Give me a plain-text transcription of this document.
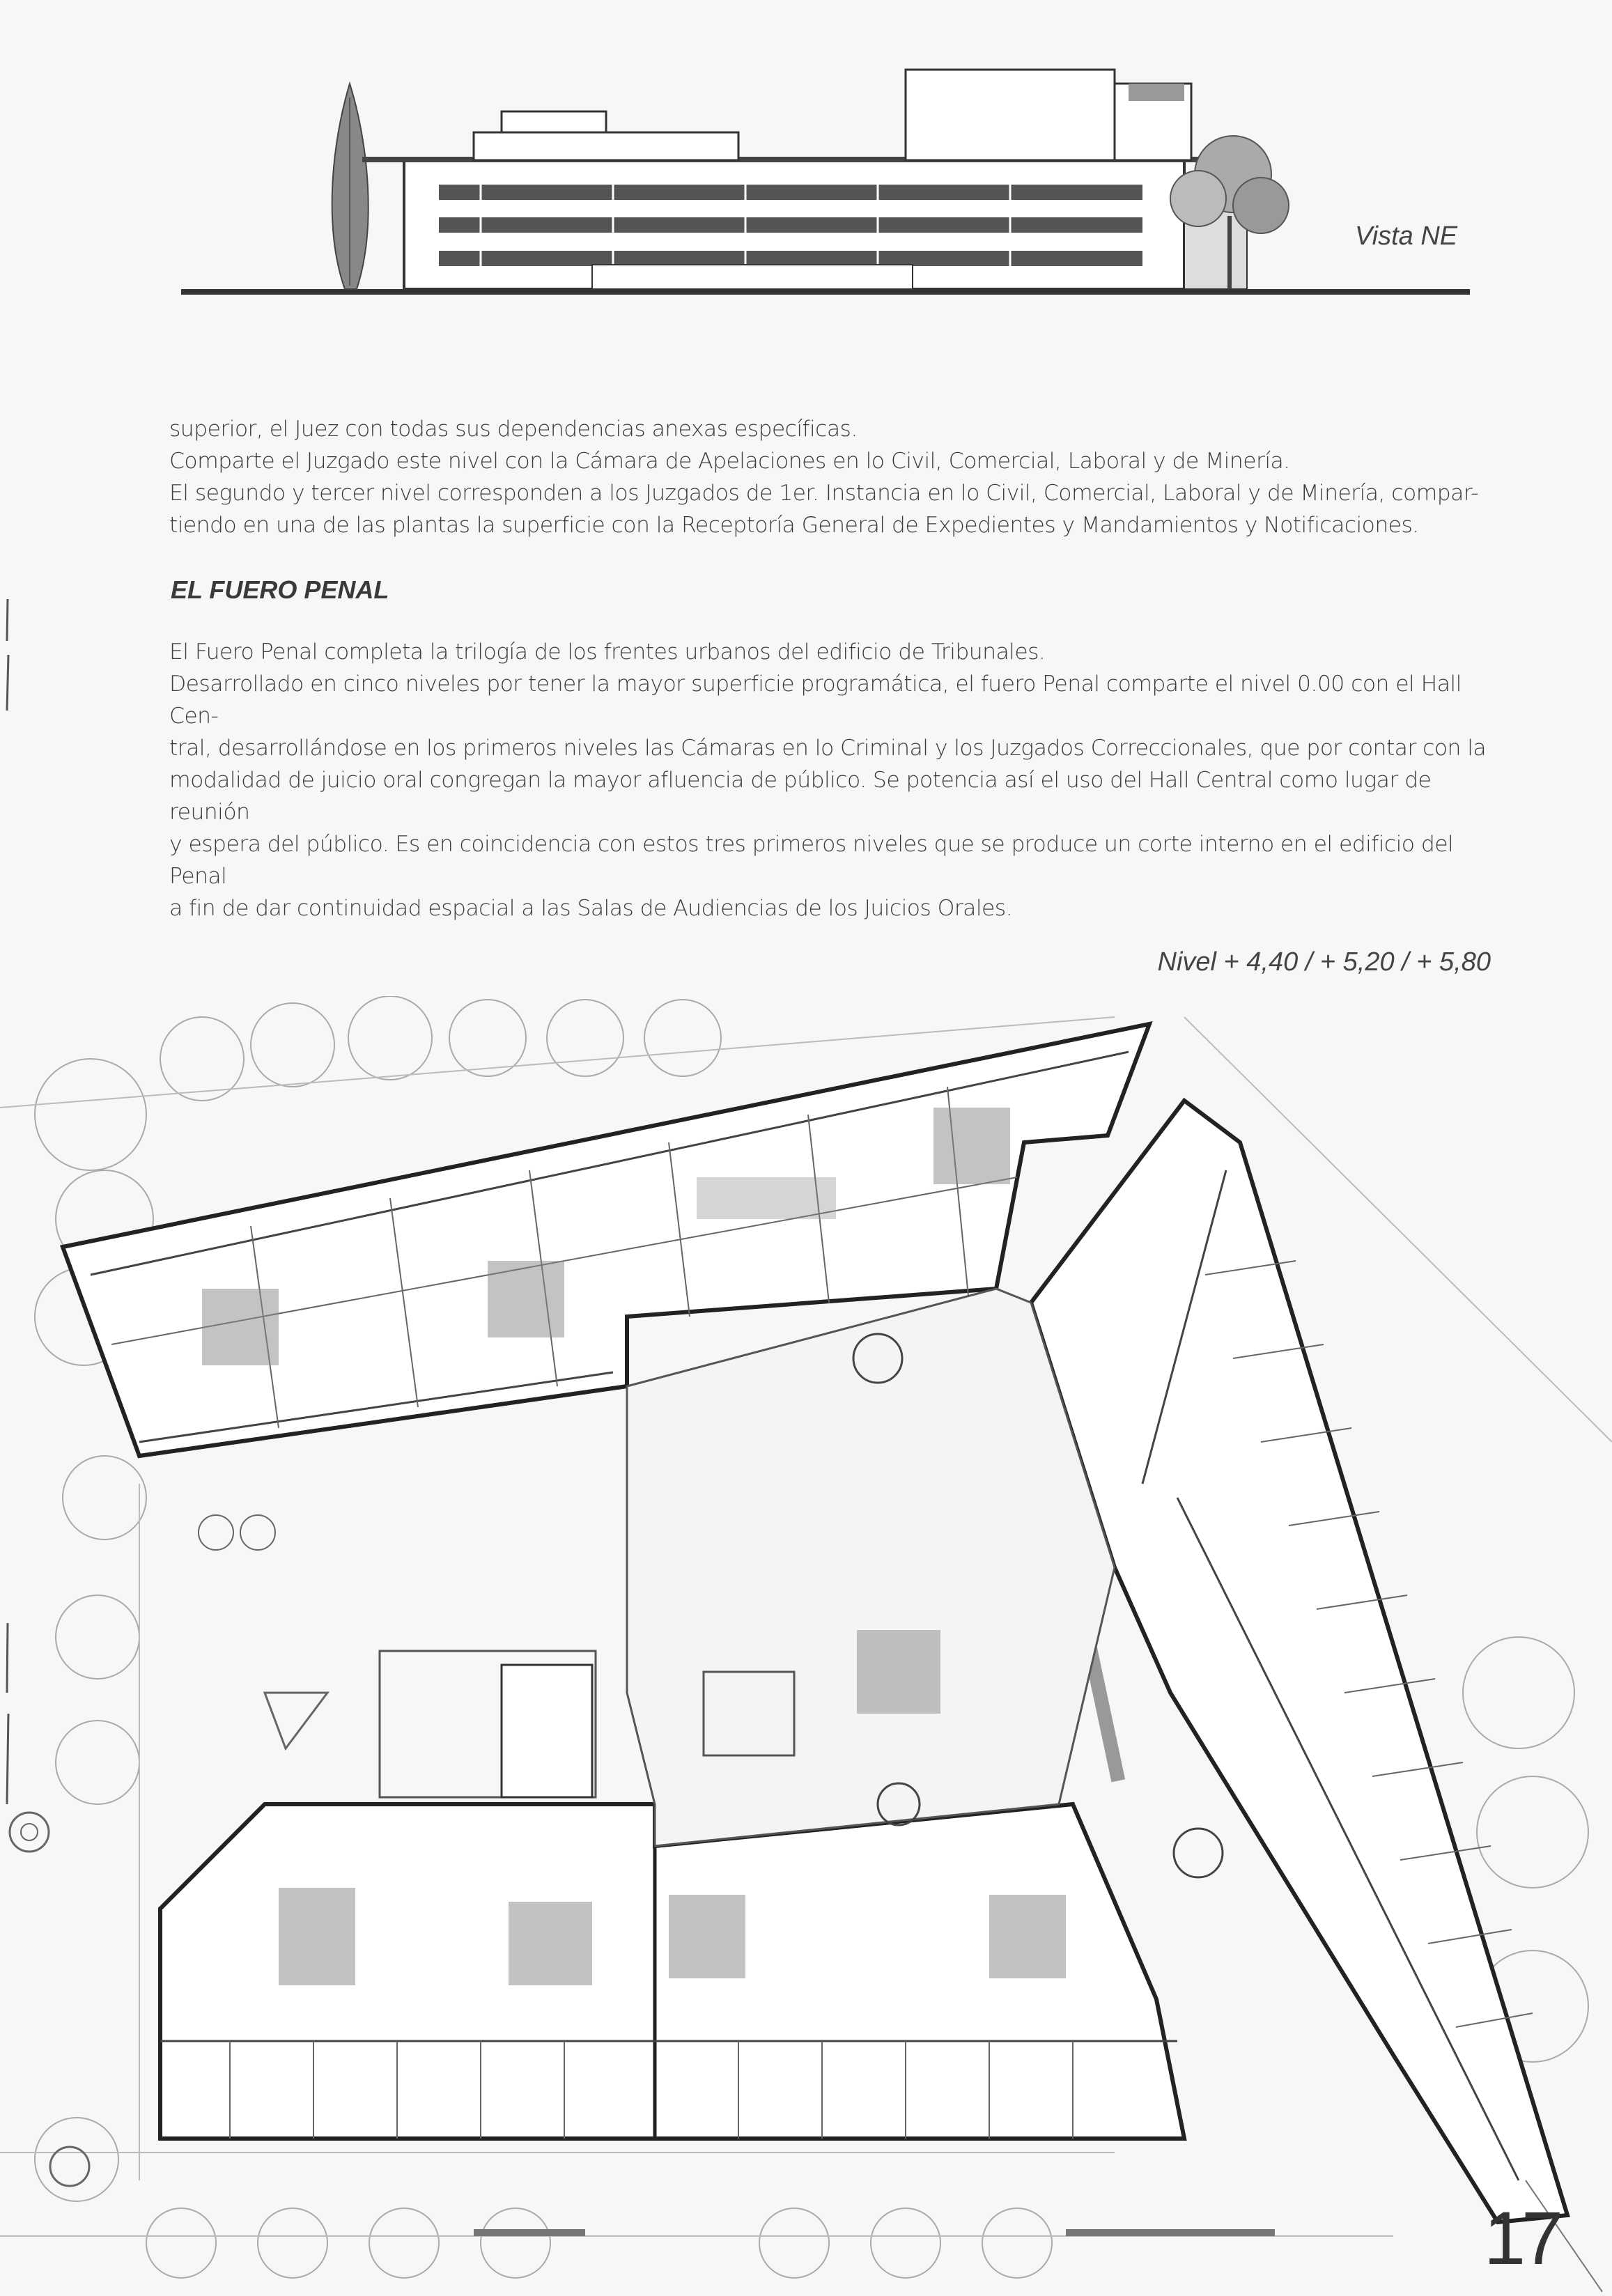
Vista NE

superior, el Juez con todas sus dependencias anexas específicas.

Comparte el Juzgado este nivel con la Cámara de Apelaciones en lo Civil, Comercial, Laboral y de Minería.

El segundo y tercer nivel corresponden a los Juzgados de 1er. Instancia en lo Civil, Comercial, Laboral y de Minería, compar-

tiendo en una de las plantas la superficie con la Receptoría General de Expedientes y Mandamientos y Notificaciones.

EL FUERO PENAL

El Fuero Penal completa la trilogía de los frentes urbanos del edificio de Tribunales.

Desarrollado en cinco niveles por tener la mayor superficie programática, el fuero Penal comparte el nivel 0.00 con el Hall Cen-

tral, desarrollándose en los primeros niveles las Cámaras en lo Criminal y los Juzgados Correccionales, que por contar con la

modalidad de juicio oral congregan la mayor afluencia de público. Se potencia así el uso del Hall Central como lugar de reunión

y espera del público. Es en coincidencia con estos tres primeros niveles que se produce un corte interno en el edificio del Penal

a fin de dar continuidad espacial a las Salas de Audiencias de los Juicios Orales.

Nivel + 4,40 / + 5,20 / + 5,80
17
